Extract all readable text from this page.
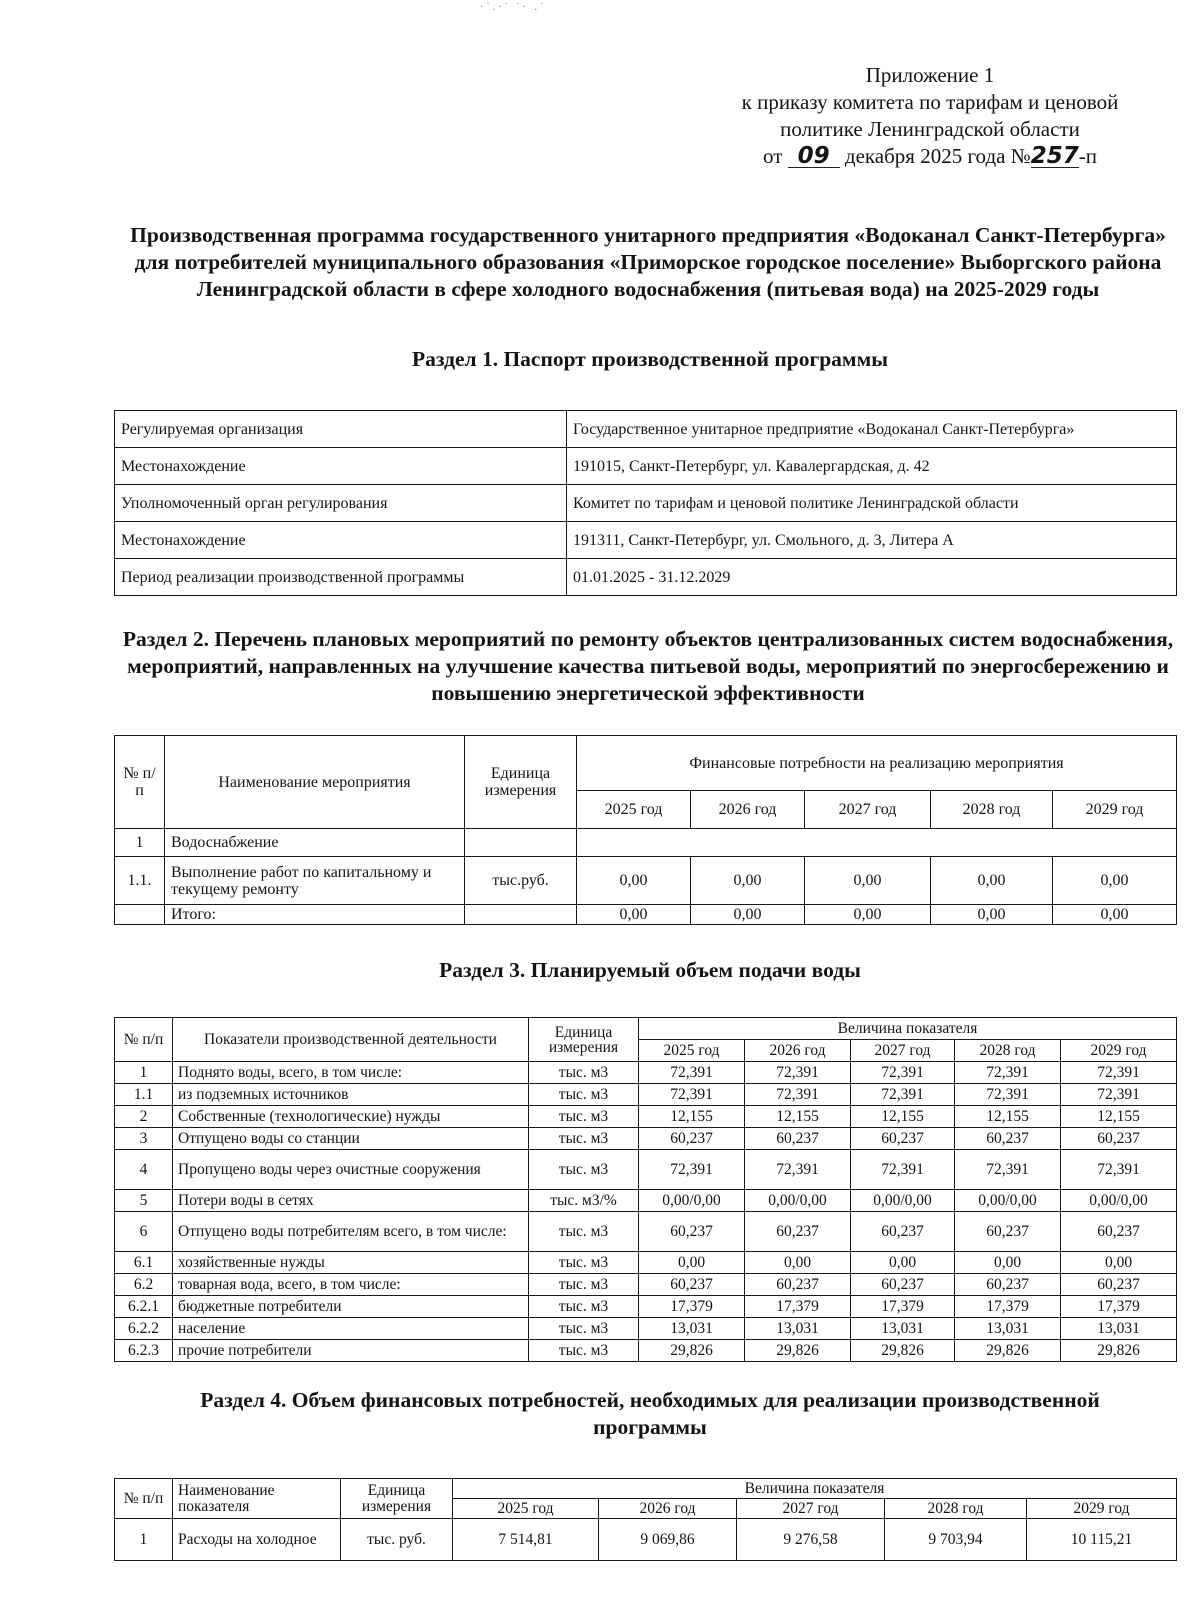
·˙.·˙ ˙· .˙
Приложение 1
к приказу комитета по тарифам и ценовой
политике Ленинградской области
от 09 декабря 2025 года №257-п
Производственная программа государственного унитарного предприятия «Водоканал Санкт-Петербурга» для потребителей муниципального образования «Приморское городское поселение» Выборгского района Ленинградской области в сфере холодного водоснабжения (питьевая вода) на 2025-2029 годы
Раздел 1. Паспорт производственной программы
Регулируемая организация	Государственное унитарное предприятие «Водоканал Санкт-Петербурга»
Местонахождение	191015, Санкт-Петербург, ул. Кавалергардская, д. 42
Уполномоченный орган регулирования	Комитет по тарифам и ценовой политике Ленинградской области
Местонахождение	191311, Санкт-Петербург, ул. Смольного, д. 3, Литера А
Период реализации производственной программы	01.01.2025 - 31.12.2029
Раздел 2. Перечень плановых мероприятий по ремонту объектов централизованных систем водоснабжения, мероприятий, направленных на улучшение качества питьевой воды, мероприятий по энергосбережению и повышению энергетической эффективности
№ п/п	Наименование мероприятия	Единица измерения	Финансовые потребности на реализацию мероприятия				
			2025 год	2026 год	2027 год	2028 год	2029 год
1	Водоснабжение						
1.1.	Выполнение работ по капитальному и текущему ремонту	тыс.руб.	0,00	0,00	0,00	0,00	0,00
	Итого:		0,00	0,00	0,00	0,00	0,00
Раздел 3. Планируемый объем подачи воды
№ п/п	Показатели производственной деятельности	Единица измерения	Величина показателя				
			2025 год	2026 год	2027 год	2028 год	2029 год
1	Поднято воды, всего, в том числе:	тыс. м3	72,391	72,391	72,391	72,391	72,391
1.1	из подземных источников	тыс. м3	72,391	72,391	72,391	72,391	72,391
2	Собственные (технологические) нужды	тыс. м3	12,155	12,155	12,155	12,155	12,155
3	Отпущено воды со станции	тыс. м3	60,237	60,237	60,237	60,237	60,237
4	Пропущено воды через очистные сооружения	тыс. м3	72,391	72,391	72,391	72,391	72,391
5	Потери воды в сетях	тыс. м3/%	0,00/0,00	0,00/0,00	0,00/0,00	0,00/0,00	0,00/0,00
6	Отпущено воды потребителям всего, в том числе:	тыс. м3	60,237	60,237	60,237	60,237	60,237
6.1	хозяйственные нужды	тыс. м3	0,00	0,00	0,00	0,00	0,00
6.2	товарная вода, всего, в том числе:	тыс. м3	60,237	60,237	60,237	60,237	60,237
6.2.1	бюджетные потребители	тыс. м3	17,379	17,379	17,379	17,379	17,379
6.2.2	население	тыс. м3	13,031	13,031	13,031	13,031	13,031
6.2.3	прочие потребители	тыс. м3	29,826	29,826	29,826	29,826	29,826
Раздел 4. Объем финансовых потребностей, необходимых для реализации производственной программы
№ п/п	Наименование показателя	Единица измерения	Величина показателя				
			2025 год	2026 год	2027 год	2028 год	2029 год
1	Расходы на холодное	тыс. руб.	7 514,81	9 069,86	9 276,58	9 703,94	10 115,21
